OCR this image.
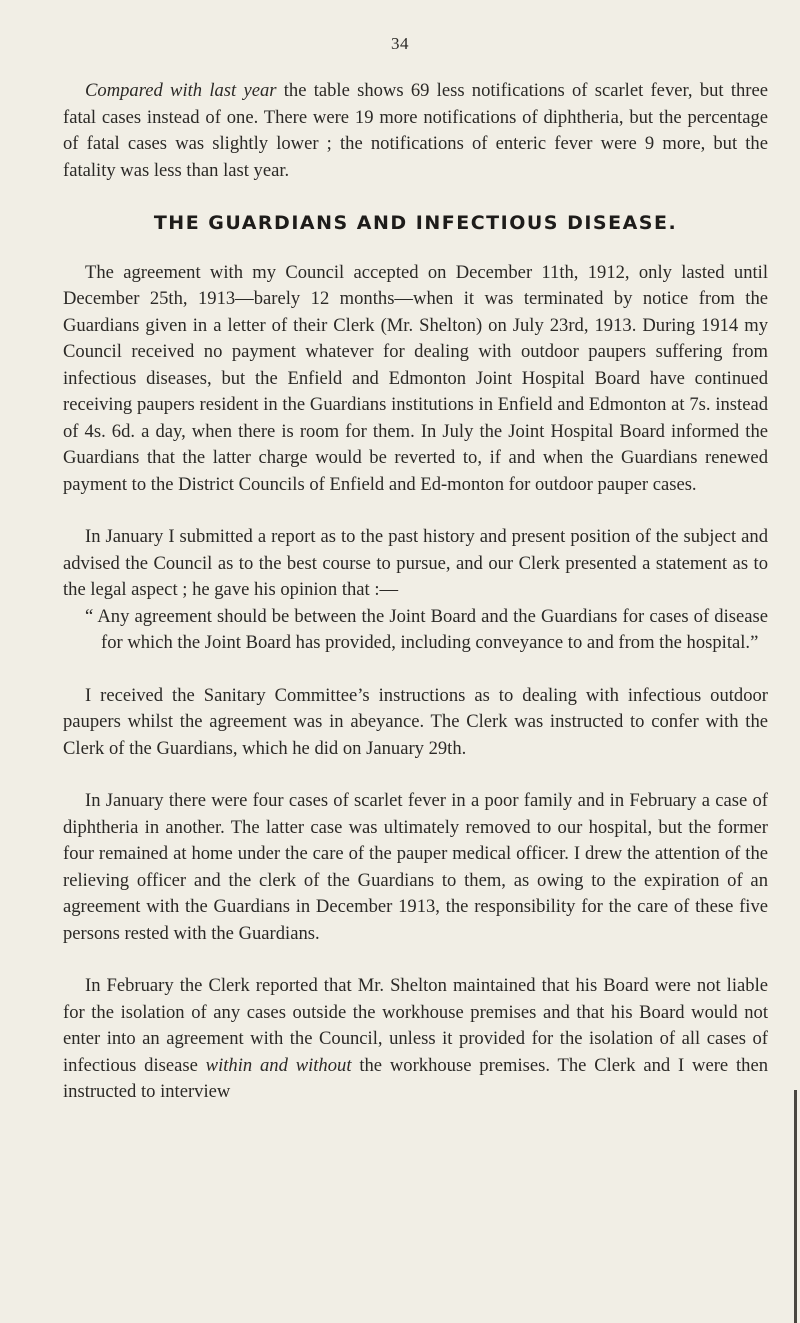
34

Compared with last year the table shows 69 less notifications of scarlet fever, but three fatal cases instead of one. There were 19 more notifications of diphtheria, but the percentage of fatal cases was slightly lower ; the notifications of enteric fever were 9 more, but the fatality was less than last year.

THE GUARDIANS AND INFECTIOUS DISEASE.

The agreement with my Council accepted on December 11th, 1912, only lasted until December 25th, 1913—barely 12 months—when it was terminated by notice from the Guardians given in a letter of their Clerk (Mr. Shelton) on July 23rd, 1913. During 1914 my Council received no payment whatever for dealing with outdoor paupers suffering from infectious diseases, but the Enfield and Edmonton Joint Hospital Board have continued receiving paupers resident in the Guardians institutions in Enfield and Edmonton at 7s. instead of 4s. 6d. a day, when there is room for them. In July the Joint Hospital Board informed the Guardians that the latter charge would be reverted to, if and when the Guardians renewed payment to the District Councils of Enfield and Ed-monton for outdoor pauper cases.

In January I submitted a report as to the past history and present position of the subject and advised the Council as to the best course to pursue, and our Clerk presented a statement as to the legal aspect ; he gave his opinion that :—

“ Any agreement should be between the Joint Board and the Guardians for cases of disease for which the Joint Board has provided, including conveyance to and from the hospital.”

I received the Sanitary Committee’s instructions as to dealing with infectious outdoor paupers whilst the agreement was in abeyance. The Clerk was instructed to confer with the Clerk of the Guardians, which he did on January 29th.

In January there were four cases of scarlet fever in a poor family and in February a case of diphtheria in another. The latter case was ultimately removed to our hospital, but the former four remained at home under the care of the pauper medical officer. I drew the attention of the relieving officer and the clerk of the Guardians to them, as owing to the expiration of an agreement with the Guardians in December 1913, the responsibility for the care of these five persons rested with the Guardians.

In February the Clerk reported that Mr. Shelton maintained that his Board were not liable for the isolation of any cases outside the workhouse premises and that his Board would not enter into an agreement with the Council, unless it provided for the isolation of all cases of infectious disease within and without the workhouse premises. The Clerk and I were then instructed to interview
